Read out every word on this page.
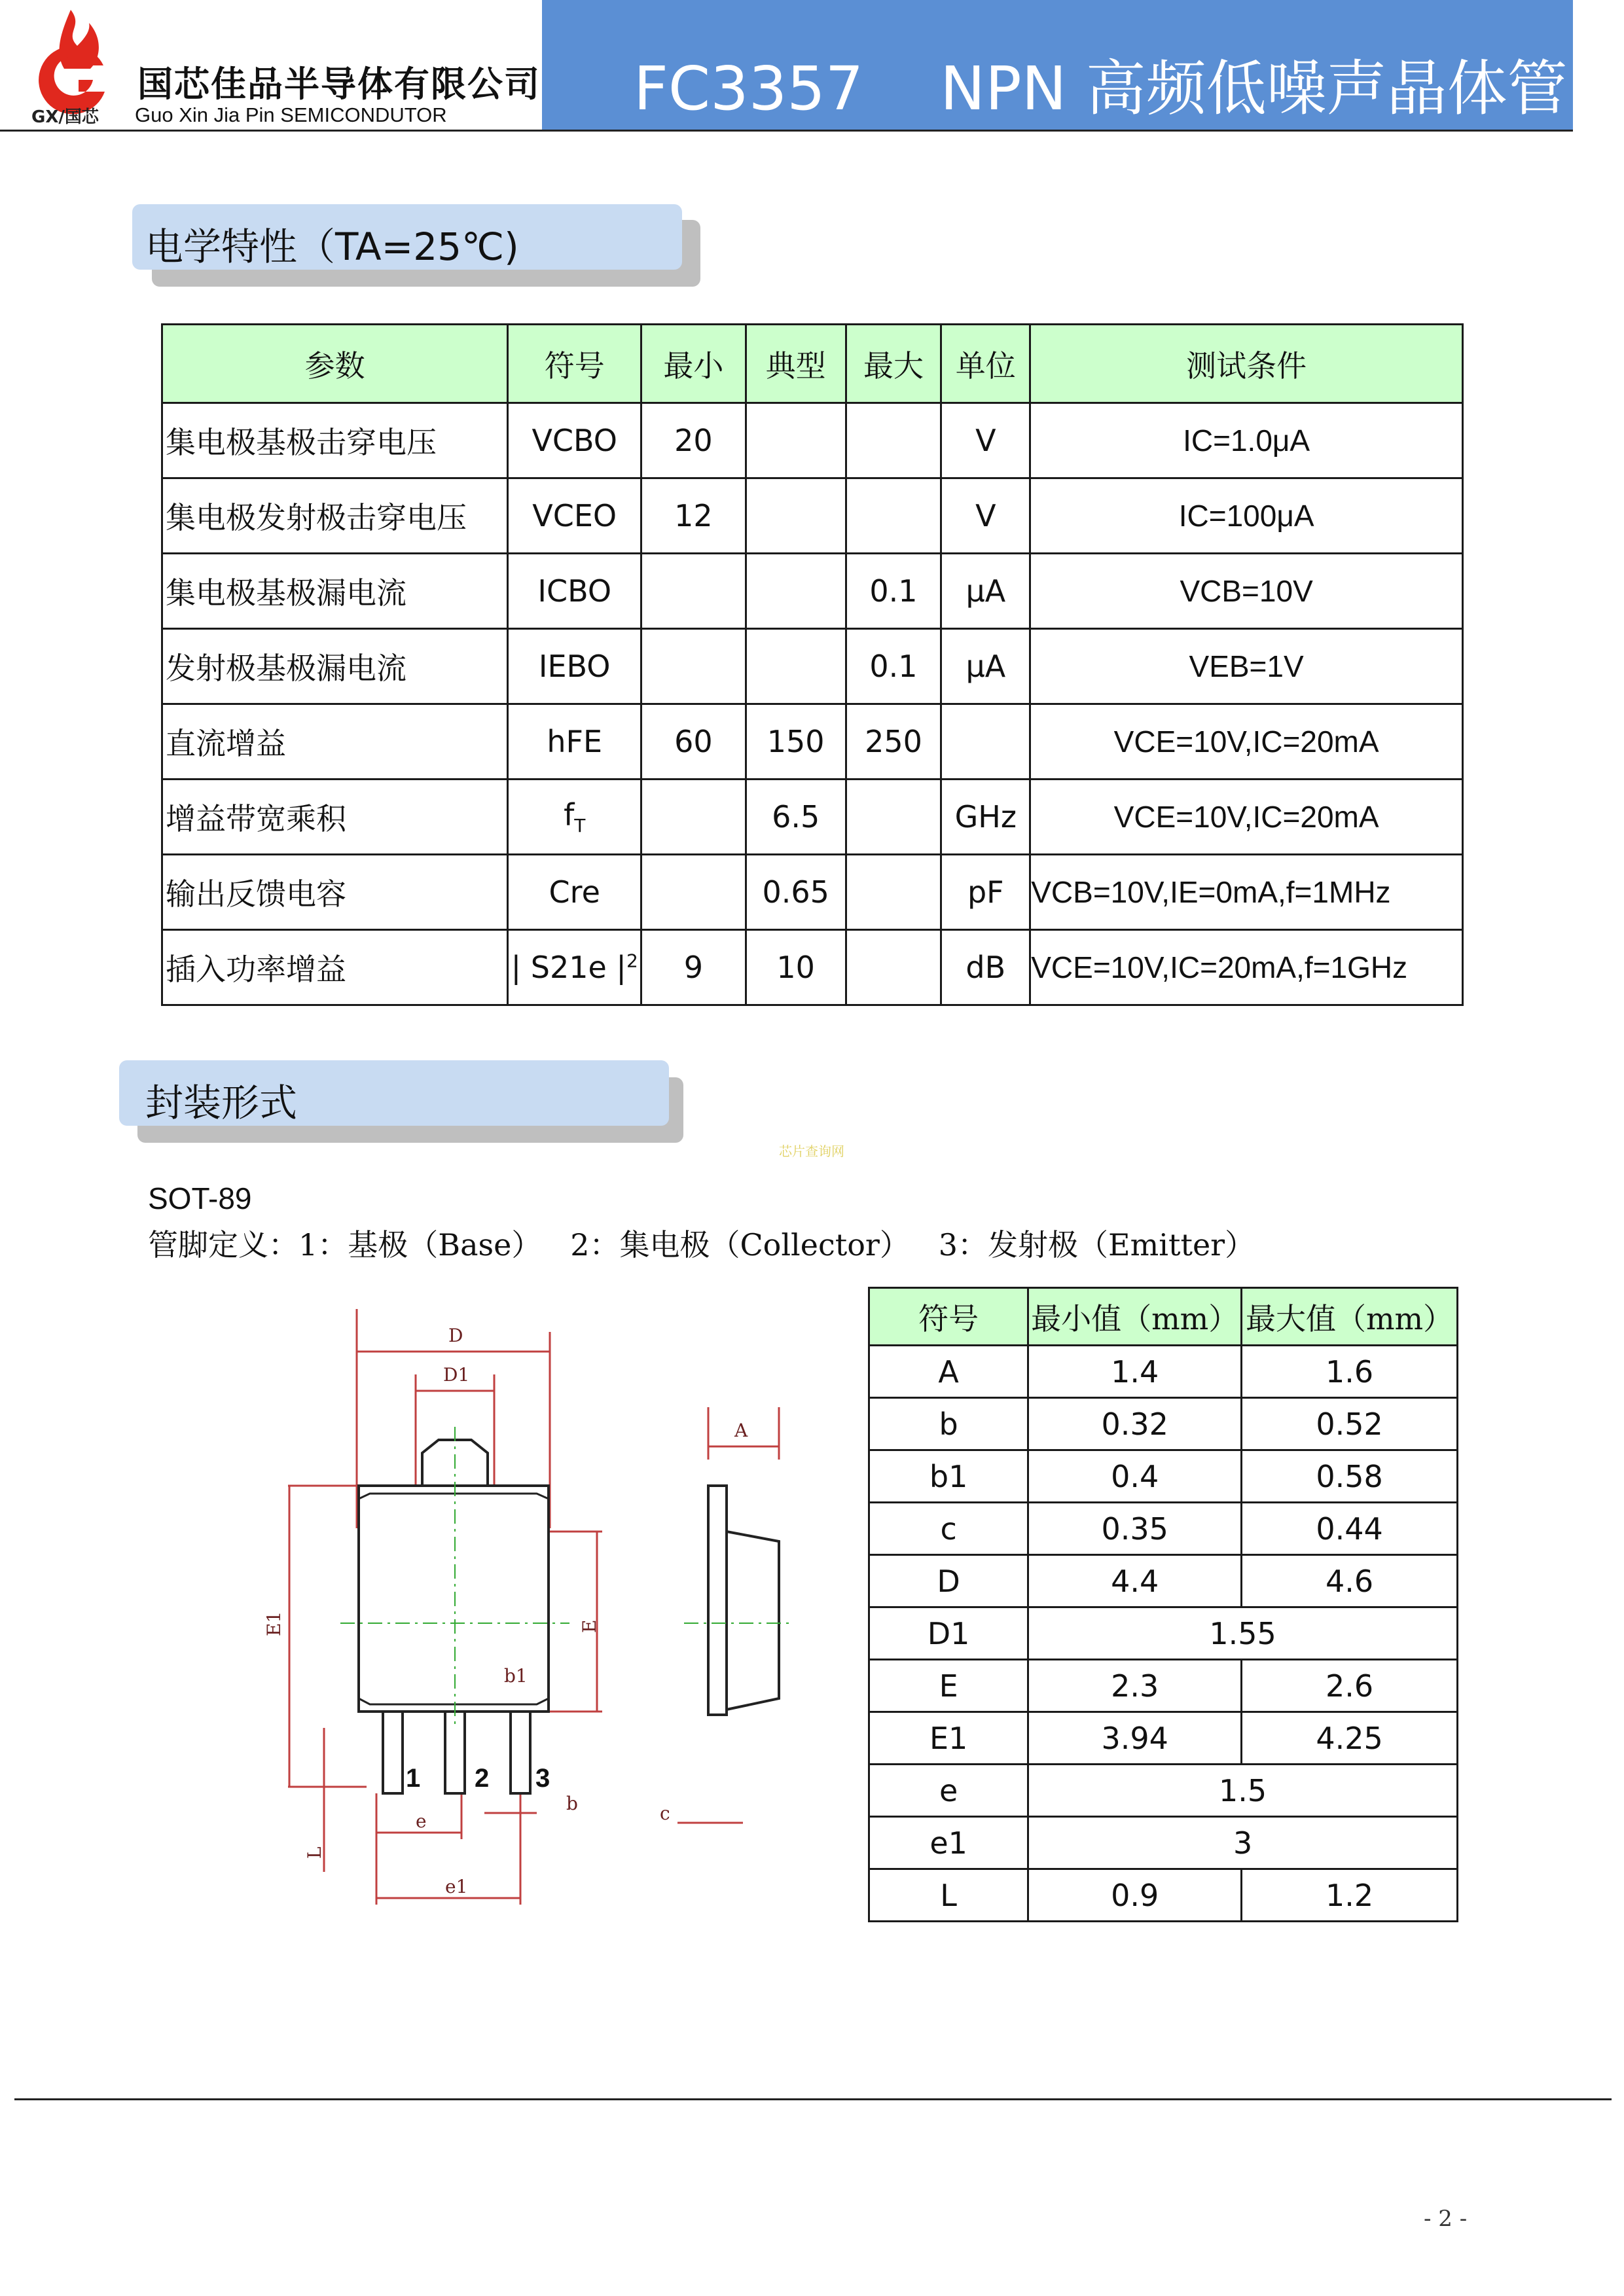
GX/国芯
国芯佳品半导体有限公司
Guo Xin Jia Pin SEMICONDUTOR	FC3357    NPN 高频低噪声晶体管
电学特性（TA=25℃)
参数	符号	最小	典型	最大	单位	测试条件
集电极基极击穿电压	VCBO	20			V	IC=1.0μA
集电极发射极击穿电压	VCEO	12			V	IC=100μA
集电极基极漏电流	ICBO			0.1	μA	VCB=10V
发射极基极漏电流	IEBO			0.1	μA	VEB=1V
直流增益	hFE	60	150	250		VCE=10V,IC=20mA
增益带宽乘积	$f_T$		6.5		GHz	VCE=10V,IC=20mA
输出反馈电容	Cre		0.65		pF	VCB=10V,IE=0mA,f=1MHz
插入功率增益	| S21e $|^2$	9	10		dB	VCE=10V,IC=20mA,f=1GHz
封装形式
芯片查询网
SOT-89
管脚定义：1：基极（Base）   2：集电极（Collector）   3：发射极（Emitter）
D
D1
E1	E
b1
b
e
e1
L
A
c
1 2 3
符号	最小值（mm）	最大值（mm）
A	1.4	1.6
b	0.32	0.52
b1	0.4	0.58
c	0.35	0.44
D	4.4	4.6
D1	1.55	
E	2.3	2.6
E1	3.94	4.25
e	1.5	
e1	3	
L	0.9	1.2
- 2 -
